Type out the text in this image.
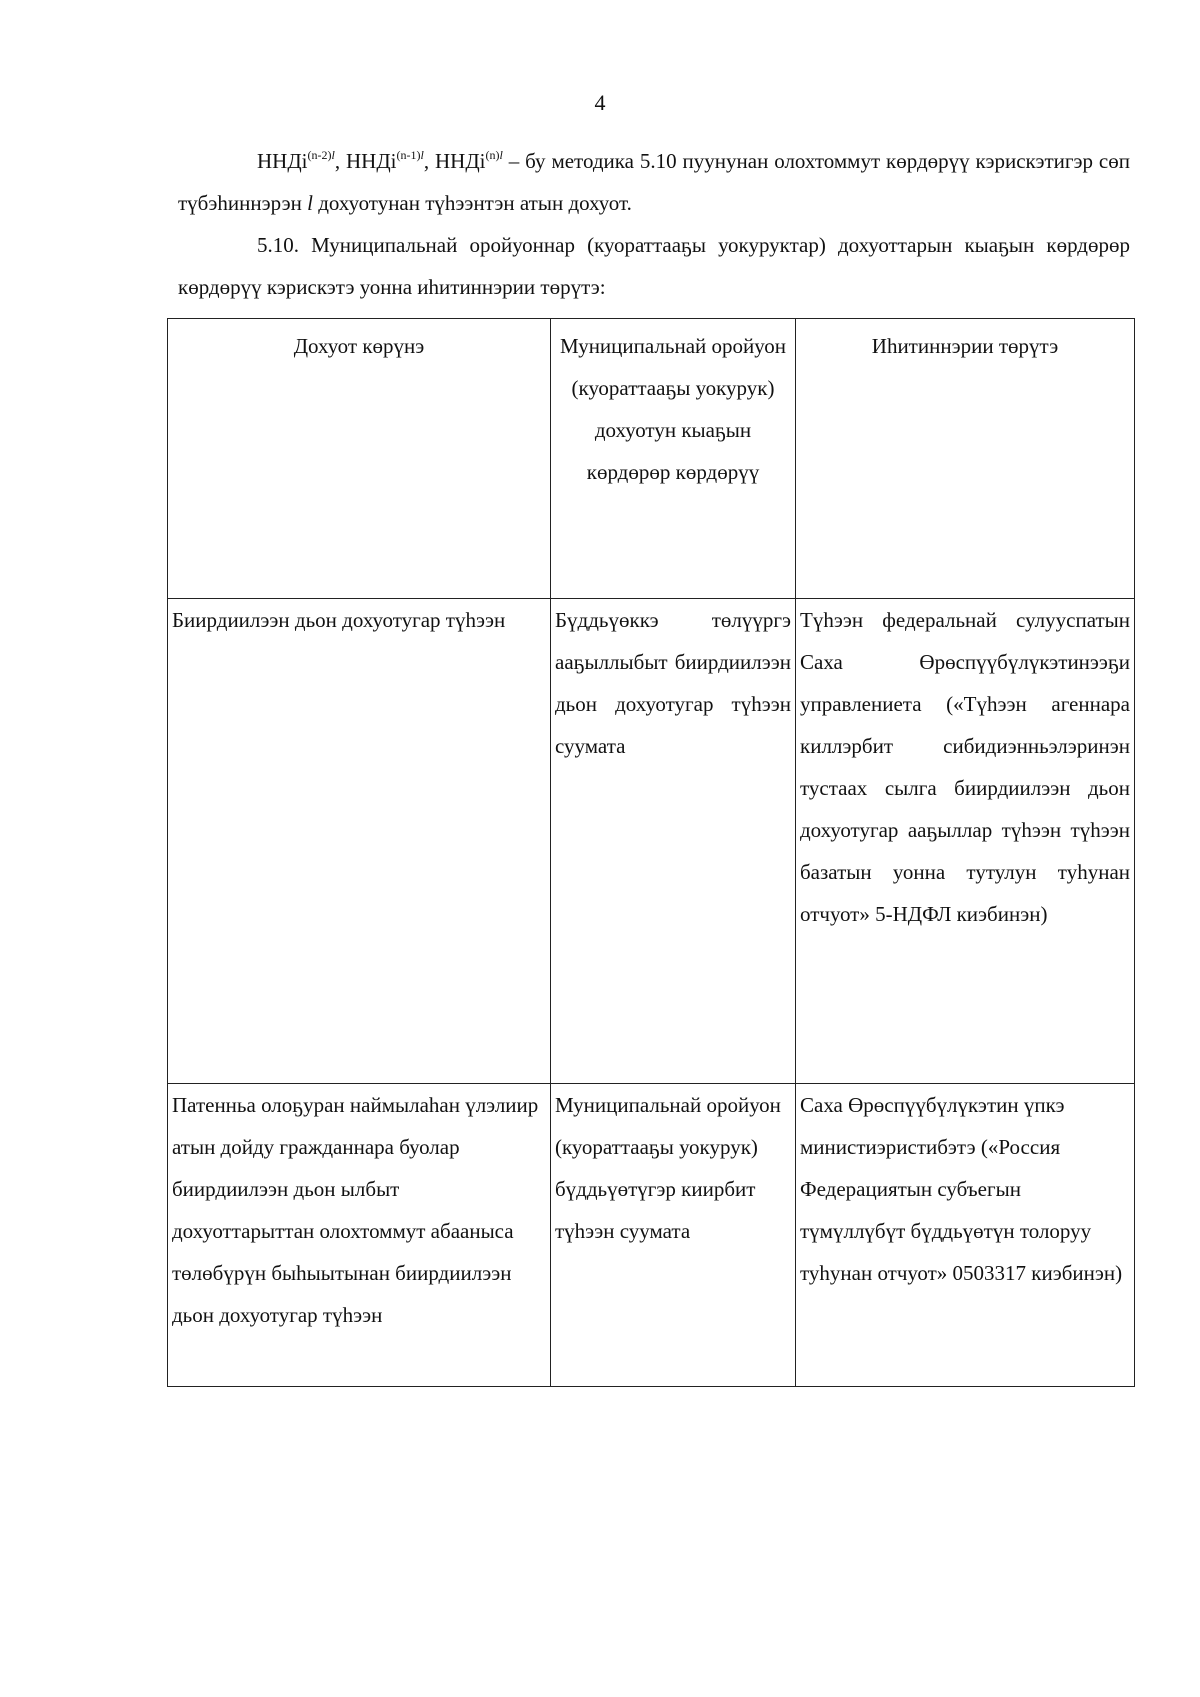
4

ННДi$^{(n-2)l}$, ННДi$^{(n-1)l}$, ННДi$^{(n)l}$ – бу методика 5.10 пуунунан олохтоммут көрдөрүү кэрискэтигэр сөп түбэhиннэрэн l дохуотунан түhээнтэн атын дохуот.

5.10. Муниципальнай оройуоннар (куораттааҕы уокуруктар) дохуоттарын кыаҕын көрдөрөр көрдөрүү кэрискэтэ уонна иhитиннэрии төрүтэ:

Дохуот көрүнэ	Муниципальнай оройуон (куораттааҕы уокурук) дохуотун кыаҕын көрдөрөр көрдөрүү	Иhитиннэрии төрүтэ
Биирдиилээн дьон дохуотугар түhээн	Бүддьүөккэ төлүүргэ ааҕыллыбыт биирдиилээн дьон дохуотугар түhээн суумата	Түhээн федеральнай сулууспатын Саха Өрөспүүбүлүкэтинээҕи управлениета («Түhээн агеннара киллэрбит сибидиэнньэлэринэн тустаах сылга биирдиилээн дьон дохуотугар ааҕыллар түhээн түhээн базатын уонна тутулун туhунан отчуот» 5-НДФЛ киэбинэн)
Патенньа олоҕуран наймылаhан үлэлиир атын дойду гражданнара буолар биирдиилээн дьон ылбыт дохуоттарыттан олохтоммут абааныса төлөбүрүн быhыытынан биирдиилээн дьон дохуотугар түhээн	Муниципальнай оройуон (куораттааҕы уокурук) бүддьүөтүгэр киирбит түhээн суумата	Саха Өрөспүүбүлүкэтин үпкэ министиэристибэтэ («Россия Федерациятын субъегын түмүллүбүт бүддьүөтүн толоруу туhунан отчуот» 0503317 киэбинэн)
